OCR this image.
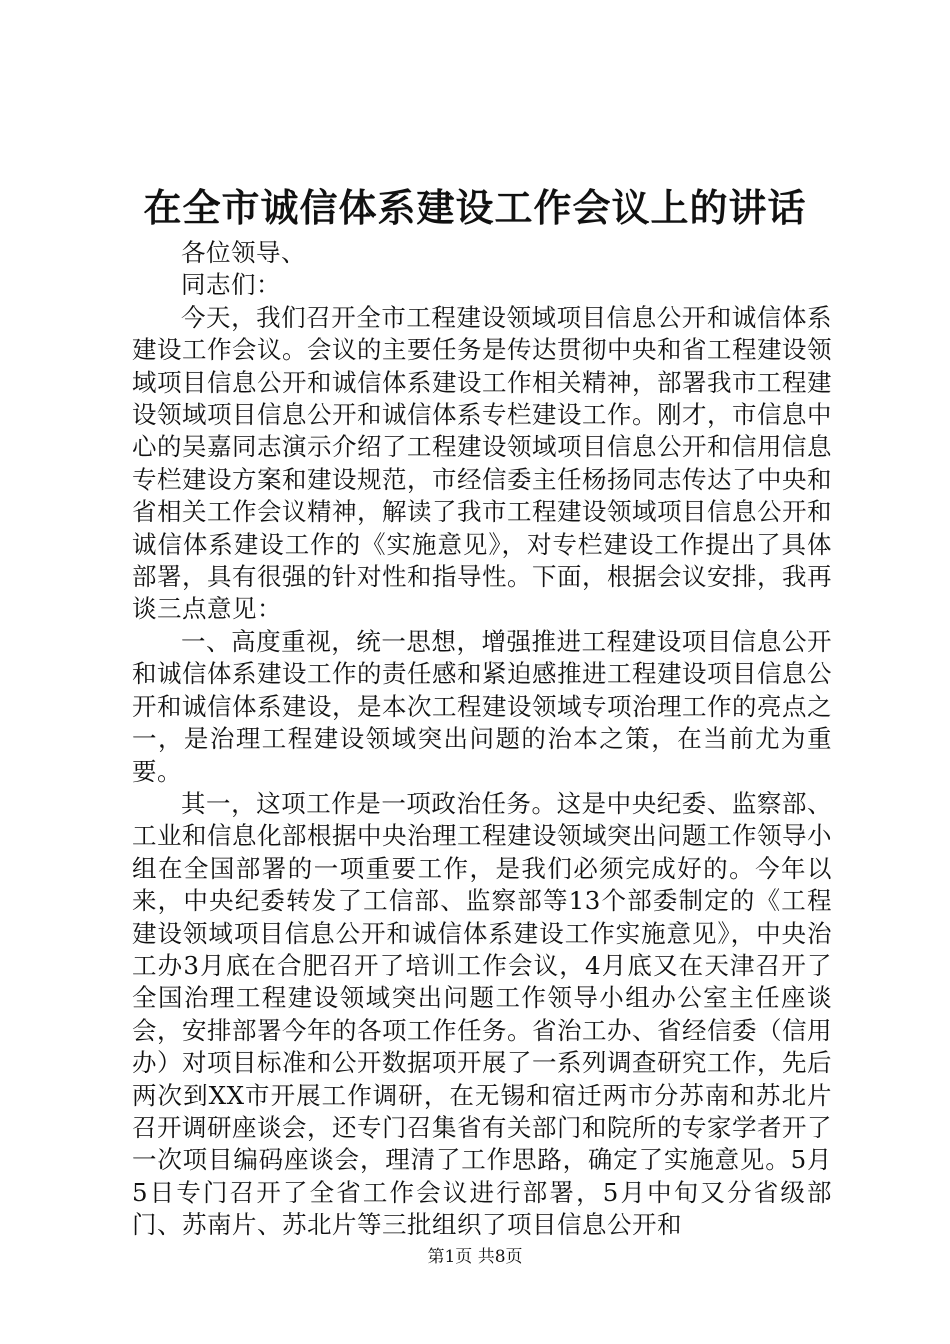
在全市诚信体系建设工作会议上的讲话

各位领导、

同志们：

今天，我们召开全市工程建设领域项目信息公开和诚信体系建设工作会议。会议的主要任务是传达贯彻中央和省工程建设领域项目信息公开和诚信体系建设工作相关精神，部署我市工程建设领域项目信息公开和诚信体系专栏建设工作。刚才，市信息中心的吴嘉同志演示介绍了工程建设领域项目信息公开和信用信息专栏建设方案和建设规范，市经信委主任杨扬同志传达了中央和省相关工作会议精神，解读了我市工程建设领域项目信息公开和诚信体系建设工作的《实施意见》，对专栏建设工作提出了具体部署，具有很强的针对性和指导性。下面，根据会议安排，我再谈三点意见：

一、高度重视，统一思想，增强推进工程建设项目信息公开和诚信体系建设工作的责任感和紧迫感推进工程建设项目信息公开和诚信体系建设，是本次工程建设领域专项治理工作的亮点之一，是治理工程建设领域突出问题的治本之策，在当前尤为重要。

其一，这项工作是一项政治任务。这是中央纪委、监察部、工业和信息化部根据中央治理工程建设领域突出问题工作领导小组在全国部署的一项重要工作，是我们必须完成好的。今年以来，中央纪委转发了工信部、监察部等13个部委制定的《工程建设领域项目信息公开和诚信体系建设工作实施意见》，中央治工办3月底在合肥召开了培训工作会议，4月底又在天津召开了全国治理工程建设领域突出问题工作领导小组办公室主任座谈会，安排部署今年的各项工作任务。省治工办、省经信委（信用办）对项目标准和公开数据项开展了一系列调查研究工作，先后两次到XX市开展工作调研，在无锡和宿迁两市分苏南和苏北片召开调研座谈会，还专门召集省有关部门和院所的专家学者开了一次项目编码座谈会，理清了工作思路，确定了实施意见。5月5日专门召开了全省工作会议进行部署，5月中旬又分省级部门、苏南片、苏北片等三批组织了项目信息公开和

第1页 共8页
